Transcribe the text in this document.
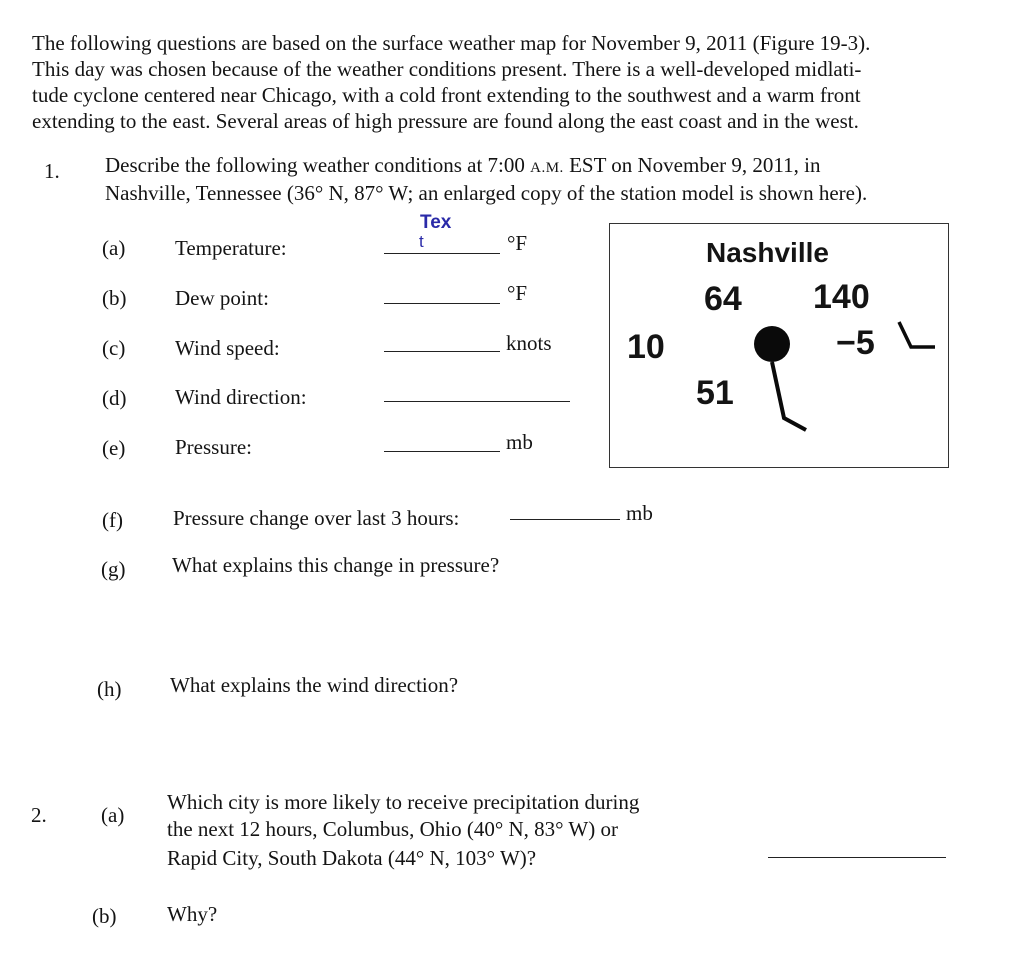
The following questions are based on the surface weather map for November 9, 2011 (Figure 19-3).
This day was chosen because of the weather conditions present. There is a well-developed midlati-
tude cyclone centered near Chicago, with a cold front extending to the southwest and a warm front
extending to the east. Several areas of high pressure are found along the east coast and in the west.
1. Describe the following weather conditions at 7:00 A.M. EST on November 9, 2011, in
Nashville, Tennessee (36° N, 87° W; an enlarged copy of the station model is shown here).
Tex
t
(a) Temperature:	°F
(b) Dew point:	°F
(c) Wind speed:	knots
(d) Wind direction:
(e) Pressure:	mb
(f) Pressure change over last 3 hours:	mb
(g) What explains this change in pressure?
(h) What explains the wind direction?
Nashville
64 140
−5
10
51
2.	(a)
Which city is more likely to receive precipitation during
the next 12 hours, Columbus, Ohio (40° N, 83° W) or
Rapid City, South Dakota (44° N, 103° W)?
(b) Why?
